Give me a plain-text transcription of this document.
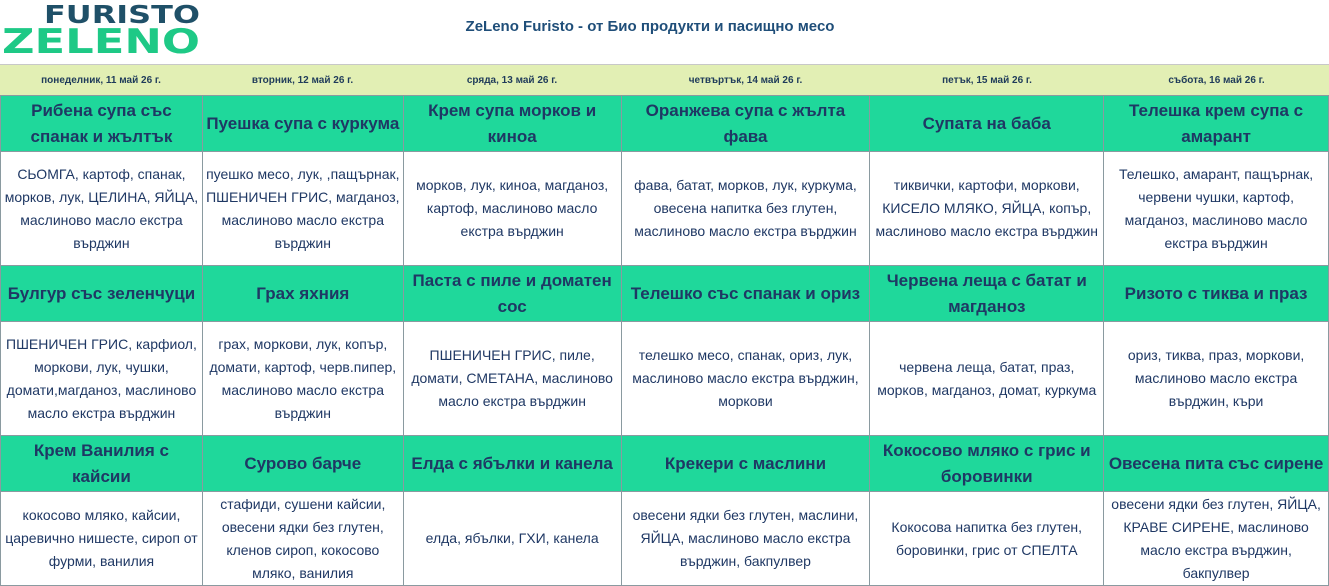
FURISTO
ZELENO	ZeLeno Furisto - от Био продукти и пасищно месо
понеделник, 11 май 26 г.	вторник, 12 май 26 г.	сряда, 13 май 26 г.	четвъртък, 14 май 26 г.	петък, 15 май 26 г.	събота, 16 май 26 г.
Рибена супа със спанак и жълтък	Пуешка супа с куркума	Крем супа морков и киноа	Оранжева супа с жълта фава	Супата на баба	Телешка крем супа с амарант
СЬОМГА, картоф, спанак, морков, лук, ЦЕЛИНА, ЯЙЦА, маслиново масло екстра върджин	пуешко месо, лук, ,пащърнак, ПШЕНИЧЕН ГРИС, магданоз, маслиново масло екстра върджин	морков, лук, киноа, магданоз, картоф, маслиново масло екстра върджин	фава, батат, морков, лук, куркума, овесена напитка без глутен, маслиново масло екстра върджин	тиквички, картофи, моркови, КИСЕЛО МЛЯКО, ЯЙЦА, копър, маслиново масло екстра върджин	Телешко, амарант, пащърнак, червени чушки, картоф, магданоз, маслиново масло екстра върджин
Булгур със зеленчуци	Грах яхния	Паста с пиле и доматен сос	Телешко със спанак и ориз	Червена леща с батат и магданоз	Ризото с тиква и праз
ПШЕНИЧЕН ГРИС, карфиол, моркови, лук, чушки, домати,магданоз, маслиново масло екстра върджин	грах, моркови, лук, копър, домати, картоф, черв.пипер, маслиново масло екстра върджин	ПШЕНИЧЕН ГРИС, пиле, домати, СМЕТАНА, маслиново масло екстра върджин	телешко месо, спанак, ориз, лук, маслиново масло екстра върджин, моркови	червена леща, батат, праз, морков, магданоз, домат, куркума	ориз, тиква, праз, моркови, маслиново масло екстра върджин, къри
Крем Ванилия с кайсии	Сурово барче	Елда с ябълки и канела	Крекери с маслини	Кокосово мляко с грис и боровинки	Овесена пита със сирене
кокосово мляко, кайсии, царевично нишесте, сироп от фурми, ванилия	стафиди, сушени кайсии, овесени ядки без глутен, кленов сироп, кокосово мляко, ванилия	елда, ябълки, ГХИ, канела	овесени ядки без глутен, маслини, ЯЙЦА, маслиново масло екстра върджин, бакпулвер	Кокосова напитка без глутен, боровинки, грис от СПЕЛТА	овесени ядки без глутен, ЯЙЦА, КРАВЕ СИРЕНЕ, маслиново масло екстра върджин, бакпулвер
